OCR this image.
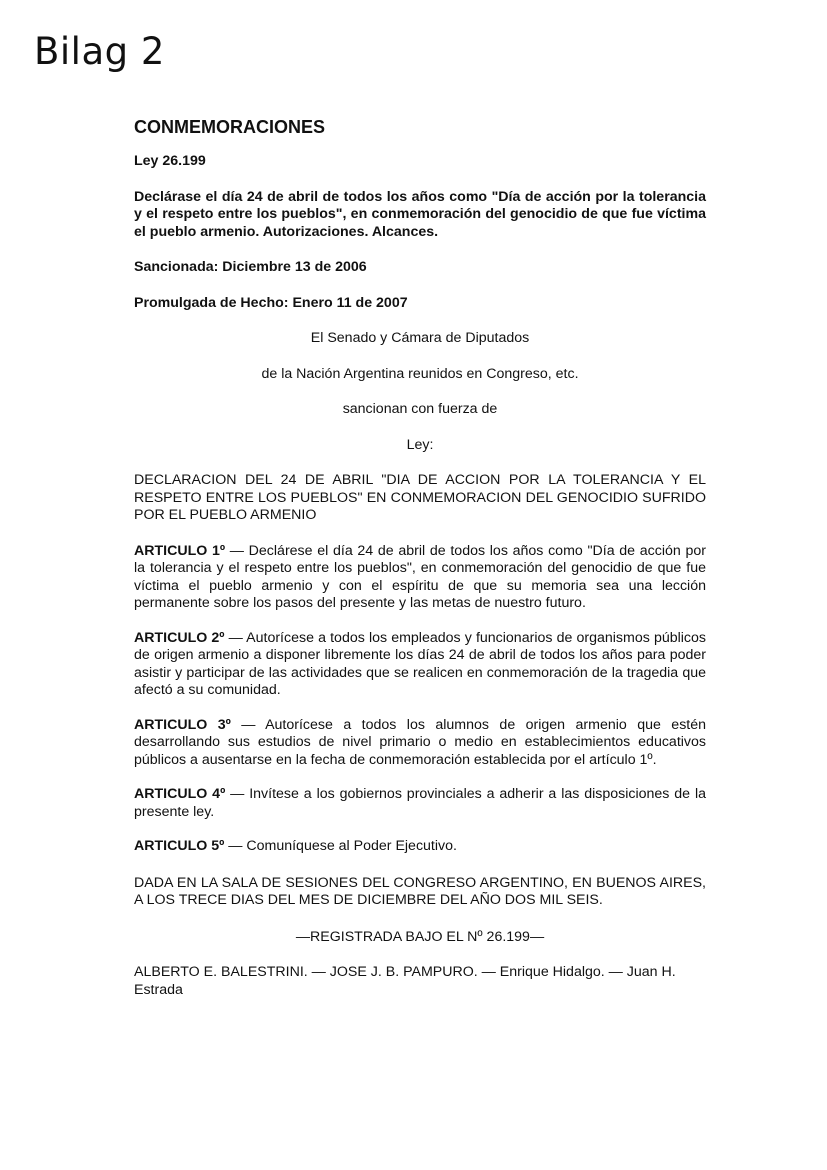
Bilag 2
CONMEMORACIONES
Ley 26.199
Declárase el día 24 de abril de todos los años como "Día de acción por la tolerancia y el respeto entre los pueblos", en conmemoración del genocidio de que fue víctima el pueblo armenio. Autorizaciones. Alcances.
Sancionada: Diciembre 13 de 2006
Promulgada de Hecho: Enero 11 de 2007
El Senado y Cámara de Diputados
de la Nación Argentina reunidos en Congreso, etc.
sancionan con fuerza de
Ley:
DECLARACION DEL 24 DE ABRIL "DIA DE ACCION POR LA TOLERANCIA Y EL RESPETO ENTRE LOS PUEBLOS" EN CONMEMORACION DEL GENOCIDIO SUFRIDO POR EL PUEBLO ARMENIO
ARTICULO 1º — Declárese el día 24 de abril de todos los años como "Día de acción por la tolerancia y el respeto entre los pueblos", en conmemoración del genocidio de que fue víctima el pueblo armenio y con el espíritu de que su memoria sea una lección permanente sobre los pasos del presente y las metas de nuestro futuro.
ARTICULO 2º — Autorícese a todos los empleados y funcionarios de organismos públicos de origen armenio a disponer libremente los días 24 de abril de todos los años para poder asistir y participar de las actividades que se realicen en conmemoración de la tragedia que afectó a su comunidad.
ARTICULO 3º — Autorícese a todos los alumnos de origen armenio que estén desarrollando sus estudios de nivel primario o medio en establecimientos educativos públicos a ausentarse en la fecha de conmemoración establecida por el artículo 1º.
ARTICULO 4º — Invítese a los gobiernos provinciales a adherir a las disposiciones de la presente ley.
ARTICULO 5º — Comuníquese al Poder Ejecutivo.
DADA EN LA SALA DE SESIONES DEL CONGRESO ARGENTINO, EN BUENOS AIRES, A LOS TRECE DIAS DEL MES DE DICIEMBRE DEL AÑO DOS MIL SEIS.
—REGISTRADA BAJO EL Nº 26.199—
ALBERTO E. BALESTRINI. — JOSE J. B. PAMPURO. — Enrique Hidalgo. — Juan H. Estrada
